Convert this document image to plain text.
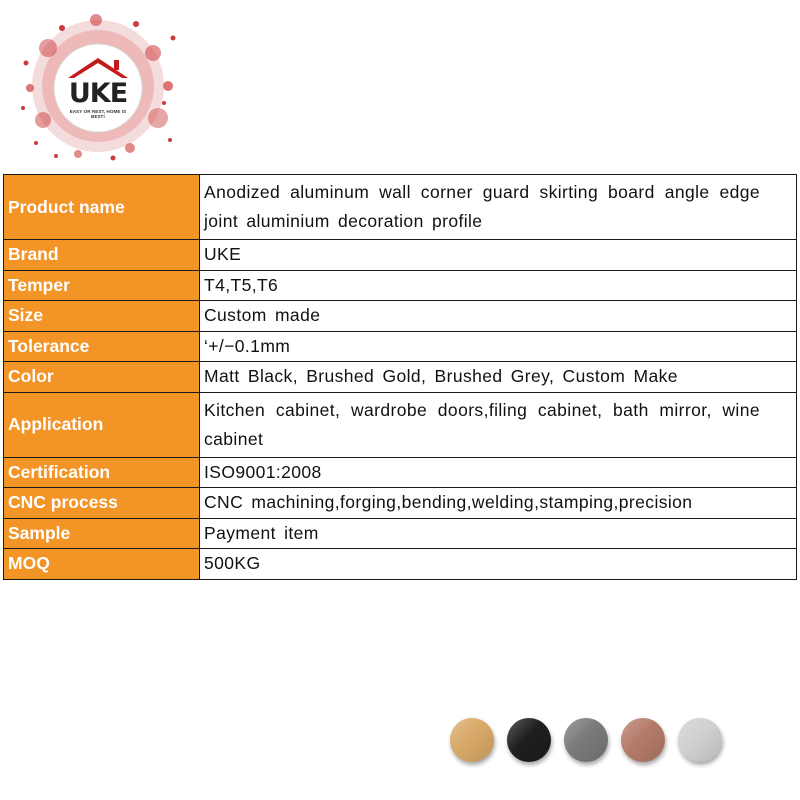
UKE
EASY OR REST, HOME IS BEST!
Product name	Anodized aluminum wall corner guard skirting board angle edge joint aluminium decoration profile
Brand	UKE
Temper	T4,T5,T6
Size	Custom made
Tolerance	‘+/−0.1mm
Color	Matt Black, Brushed Gold, Brushed Grey, Custom Make
Application	Kitchen cabinet, wardrobe doors,filing cabinet, bath mirror, wine cabinet
Certification	ISO9001:2008
CNC process	CNC machining,forging,bending,welding,stamping,precision
Sample	Payment item
MOQ	500KG
